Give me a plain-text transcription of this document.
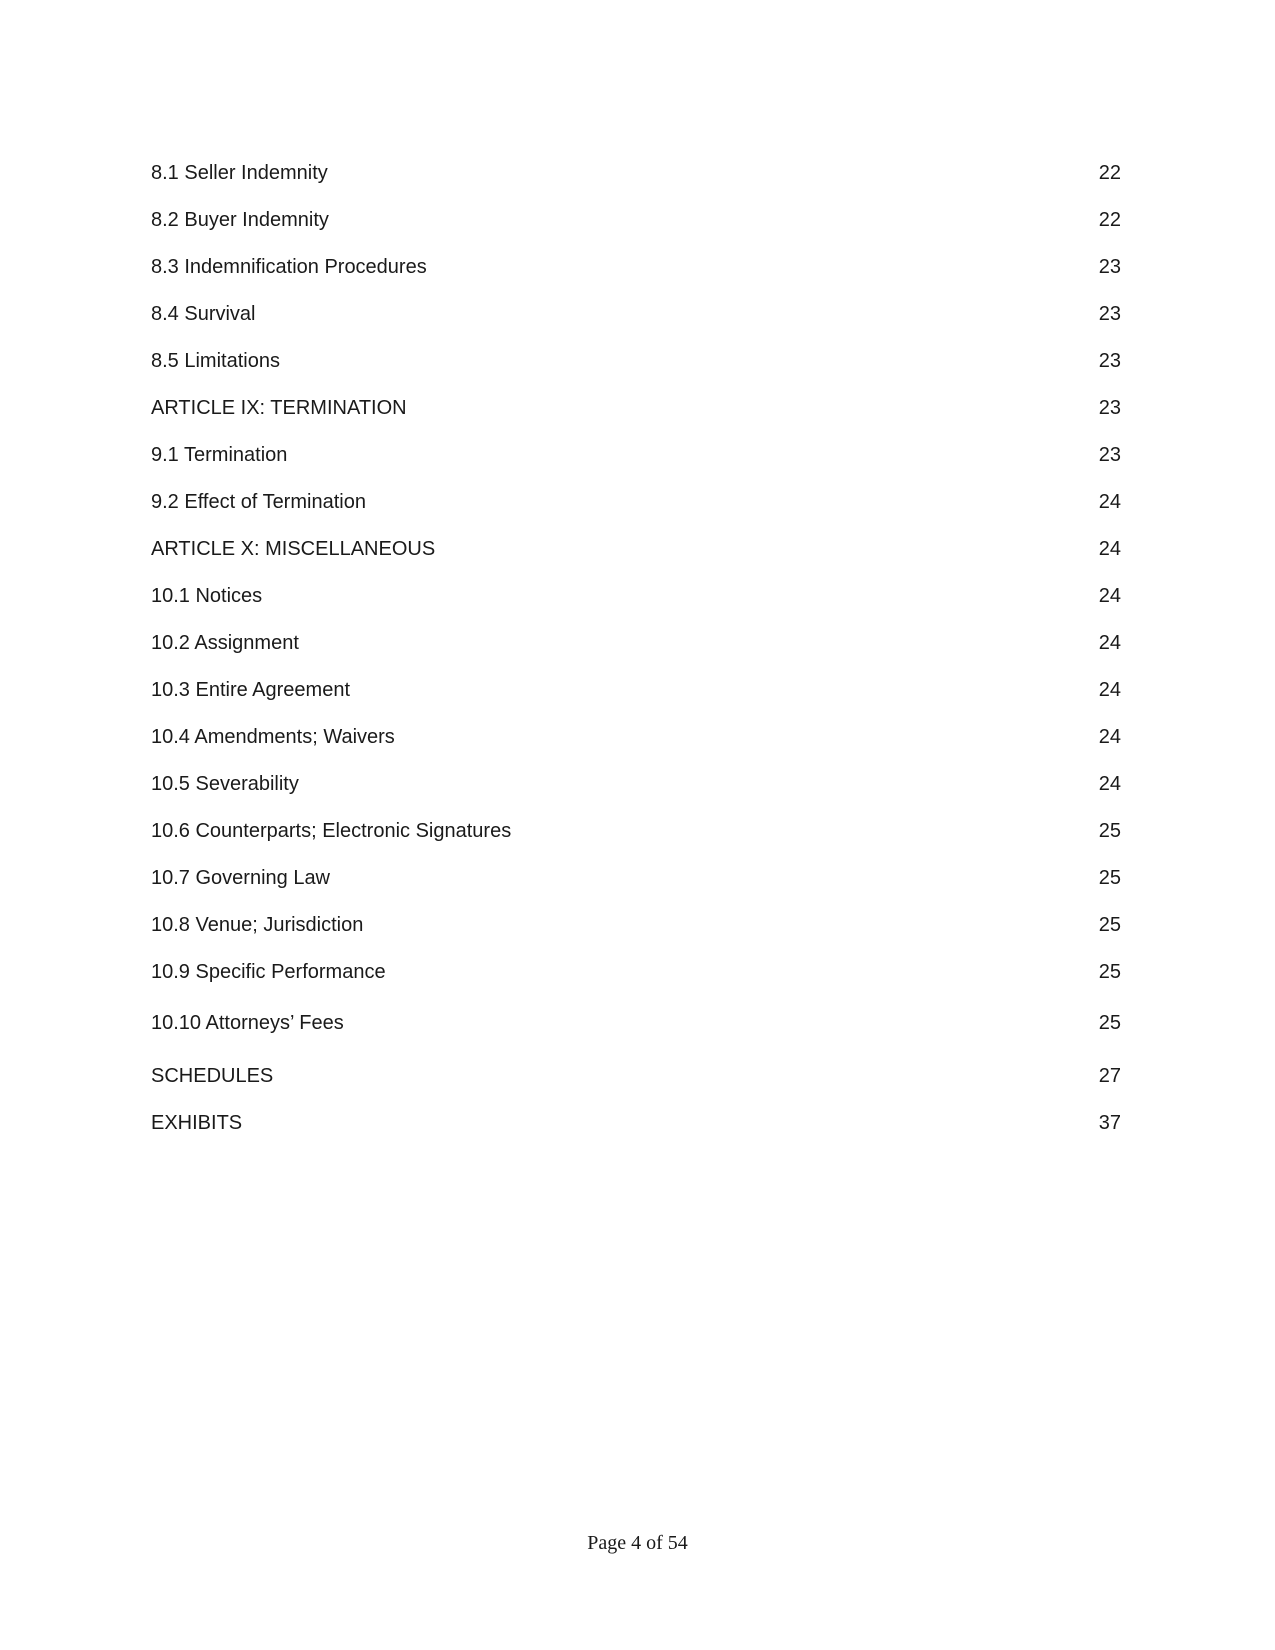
8.1 Seller Indemnity	22
8.2 Buyer Indemnity	22
8.3 Indemnification Procedures	23
8.4 Survival	23
8.5 Limitations	23
ARTICLE IX: TERMINATION	23
9.1 Termination	23
9.2 Effect of Termination	24
ARTICLE X: MISCELLANEOUS	24
10.1 Notices	24
10.2 Assignment	24
10.3 Entire Agreement	24
10.4 Amendments; Waivers	24
10.5 Severability	24
10.6 Counterparts; Electronic Signatures	25
10.7 Governing Law	25
10.8 Venue; Jurisdiction	25
10.9 Specific Performance	25
10.10 Attorneys’ Fees	25
SCHEDULES	27
EXHIBITS	37
Page 4 of 54
